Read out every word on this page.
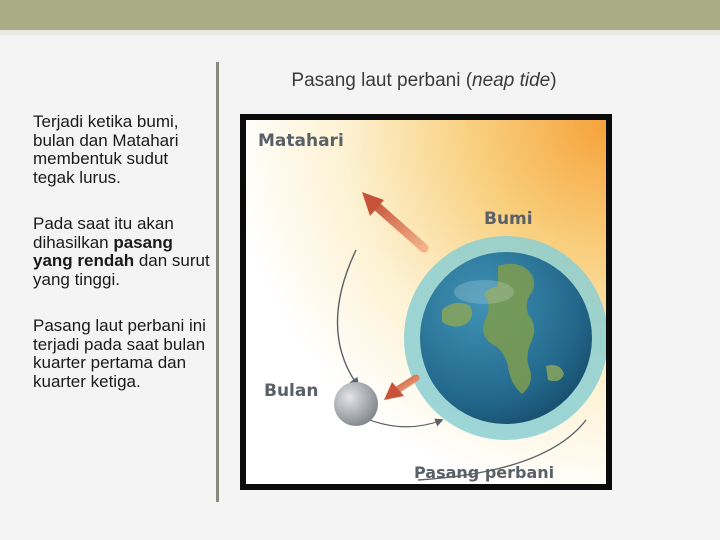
Pasang laut perbani (neap tide)

Terjadi ketika bumi, bulan dan Matahari membentuk sudut tegak lurus.

Pada saat itu akan dihasilkan pasang yang rendah dan surut yang tinggi.

Pasang laut perbani ini terjadi pada saat bulan kuarter pertama dan kuarter ketiga.

Matahari
Bumi
Bulan
Pasang perbani
